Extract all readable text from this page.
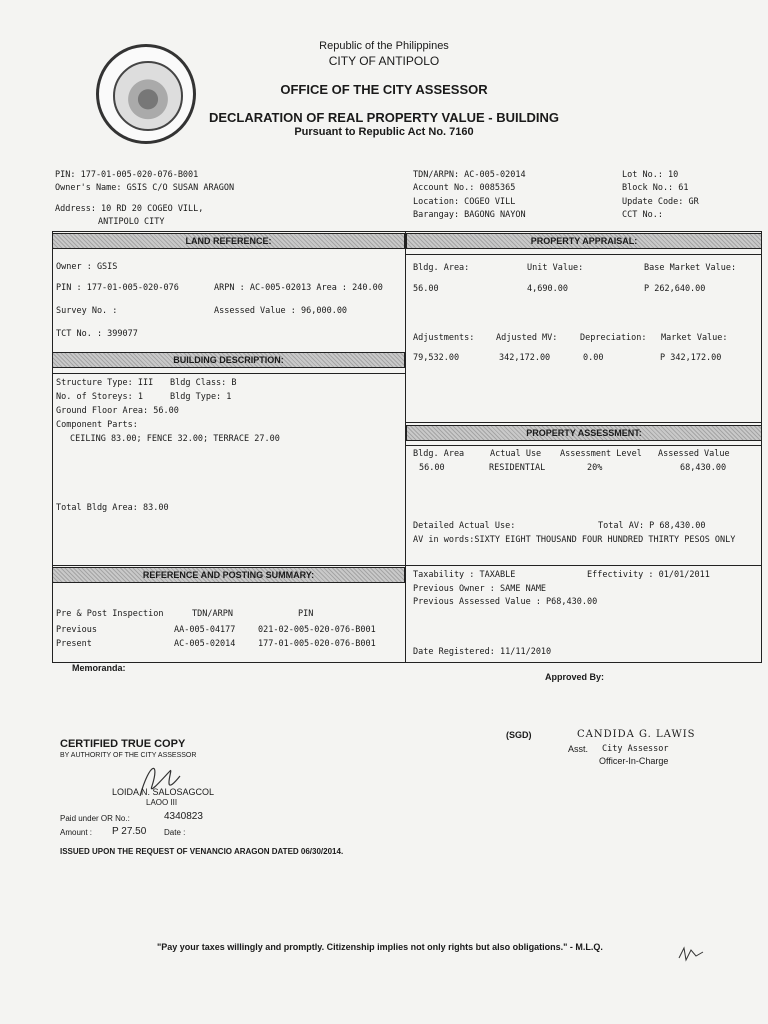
Republic of the Philippines
CITY OF ANTIPOLO
OFFICE OF THE CITY ASSESSOR
DECLARATION OF REAL PROPERTY VALUE - BUILDING
Pursuant to Republic Act No. 7160
PIN: 177-01-005-020-076-B001
Owner's Name: GSIS C/O SUSAN ARAGON
Address: 10 RD 20 COGEO VILL,
ANTIPOLO CITY
TDN/ARPN: AC-005-02014
Account No.: 0085365
Location: COGEO VILL
Barangay: BAGONG NAYON
Lot No.: 10
Block No.: 61
Update Code: GR
CCT No.:
LAND REFERENCE:
Owner : GSIS
PIN : 177-01-005-020-076	ARPN : AC-005-02013 Area : 240.00
Survey No. :	Assessed Value : 96,000.00
TCT No. : 399077
BUILDING DESCRIPTION:
Structure Type: III Bldg Class: B
No. of Storeys: 1	Bldg Type: 1
Ground Floor Area: 56.00
Component Parts:
CEILING 83.00; FENCE 32.00; TERRACE 27.00
Total Bldg Area: 83.00
PROPERTY APPRAISAL:
Bldg. Area:	Unit Value:	Base Market Value:
56.00	4,690.00	P 262,640.00
Adjustments:	Adjusted MV:	Depreciation: Market Value:
79,532.00	342,172.00	0.00	P 342,172.00
PROPERTY ASSESSMENT:
Bldg. Area	Actual Use Assessment Level Assessed Value
56.00	RESIDENTIAL	20%	68,430.00
Detailed Actual Use:	Total AV: P 68,430.00
AV in words:SIXTY EIGHT THOUSAND FOUR HUNDRED THIRTY PESOS ONLY
REFERENCE AND POSTING SUMMARY:
Pre & Post Inspection	TDN/ARPN	PIN
Previous	AA-005-04177	021-02-005-020-076-B001
Present	AC-005-02014	177-01-005-020-076-B001
Taxability : TAXABLE	Effectivity : 01/01/2011
Previous Owner : SAME NAME
Previous Assessed Value : P68,430.00
Date Registered: 11/11/2010
Memoranda:
Approved By:
(SGD)	CANDIDA G. LAWIS
Asst. City Assessor
Officer-In-Charge
CERTIFIED TRUE COPY
BY AUTHORITY OF THE CITY ASSESSOR
LOIDA N. SALOSAGCOL
LAOO III
Paid under OR No.:	4340823
Amount : P 27.50 Date :
ISSUED UPON THE REQUEST OF VENANCIO ARAGON DATED 06/30/2014.
"Pay your taxes willingly and promptly. Citizenship implies not only rights but also obligations." - M.L.Q.
